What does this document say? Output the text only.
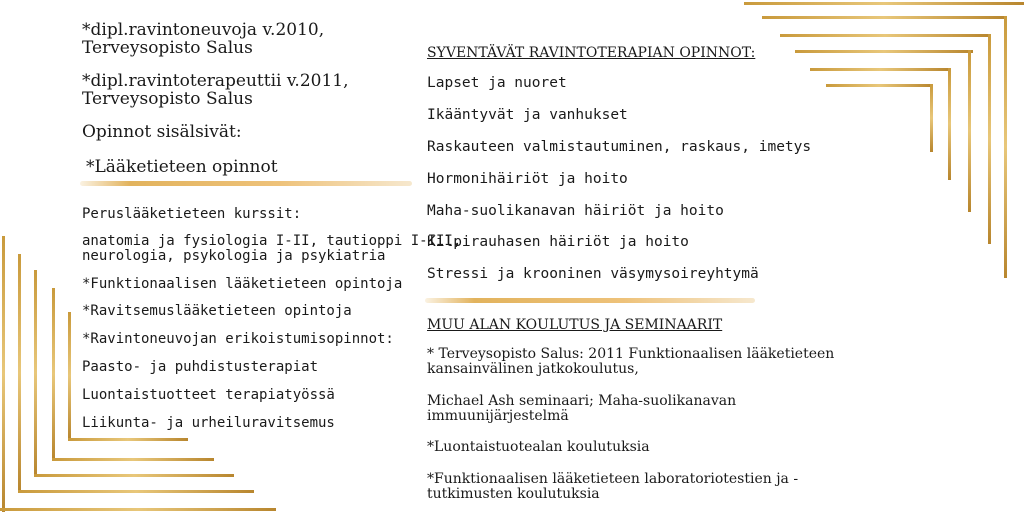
*dipl.ravintoneuvoja v.2010,
Terveysopisto Salus
*dipl.ravintoterapeuttii v.2011,
Terveysopisto Salus
Opinnot sisälsivät:
*Lääketieteen opinnot
Peruslääketieteen kurssit:
anatomia ja fysiologia I-II, tautioppi I-III,
neurologia, psykologia ja psykiatria
*Funktionaalisen lääketieteen opintoja
*Ravitsemuslääketieteen opintoja
*Ravintoneuvojan erikoistumisopinnot:
Paasto- ja puhdistusterapiat
Luontaistuotteet terapiatyössä
Liikunta- ja urheiluravitsemus
SYVENTÄVÄT RAVINTOTERAPIAN OPINNOT:
Lapset ja nuoret
Ikääntyvät ja vanhukset
Raskauteen valmistautuminen, raskaus, imetys
Hormonihäiriöt ja hoito
Maha-suolikanavan häiriöt ja hoito
Kilpirauhasen häiriöt ja hoito
Stressi ja krooninen väsymysoireyhtymä
MUU ALAN KOULUTUS JA SEMINAARIT
* Terveysopisto Salus: 2011 Funktionaalisen lääketieteen
kansainvälinen jatkokoulutus,
Michael Ash seminaari; Maha-suolikanavan
immuunijärjestelmä
*Luontaistuotealan koulutuksia
*Funktionaalisen lääketieteen laboratoriotestien ja -
tutkimusten koulutuksia
